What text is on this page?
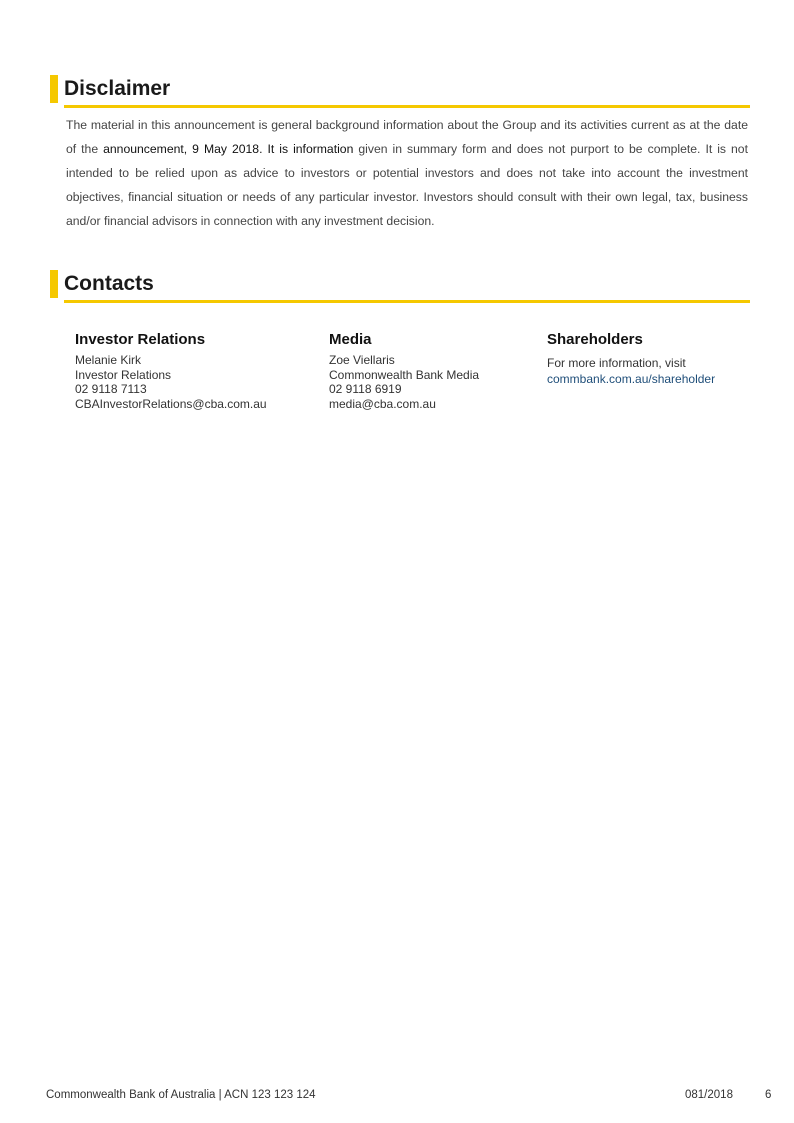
Disclaimer

The material in this announcement is general background information about the Group and its activities current as at the date of the announcement, 9 May 2018. It is information given in summary form and does not purport to be complete. It is not intended to be relied upon as advice to investors or potential investors and does not take into account the investment objectives, financial situation or needs of any particular investor. Investors should consult with their own legal, tax, business and/or financial advisors in connection with any investment decision.

Contacts
Investor Relations
Melanie Kirk
Investor Relations
02 9118 7113
CBAInvestorRelations@cba.com.au
Media
Zoe Viellaris
Commonwealth Bank Media
02 9118 6919
media@cba.com.au
Shareholders
For more information, visit
commbank.com.au/shareholder
Commonwealth Bank of Australia | ACN 123 123 124	081/2018	6
